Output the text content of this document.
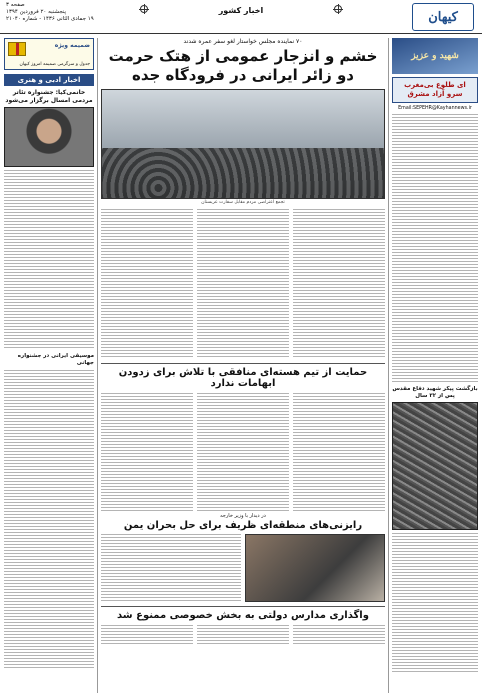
کیهان
اخبار کشور
صفحه ۳
پنجشنبه ۲۰ فروردین ۱۳۹۴
۱۹ جمادی الثانی ۱۴۳۶ - شماره ۲۱۰۴۰
شهید و عزیز
ای طلوع بی‌مغرب سرو آزاد مشرق
Email:SEPEHR@Kayhannews.ir
بازگشت پیکر شهید دفاع مقدس پس از ۳۲ سال
ضمیمه ویژه
جدول و سرگرمی ضمیمه امروز کیهان
اخبار ادبی و هنری
خانمی‌کیا: جشنواره تئاتر مردمی امسال برگزار می‌شود
موسیقی ایرانی در جشنواره جهانی
۷۰ نماینده مجلس خواستار لغو سفر عمره شدند
خشم و انزجار عمومی از هتک حرمت دو زائر ایرانی در فرودگاه جده
تجمع اعتراضی مردم مقابل سفارت عربستان
حمایت از تیم هسته‌ای منافقی با تلاش برای زدودن ابهامات ندارد
در دیدار با وزیر خارجه
رایزنی‌های منطقه‌ای ظریف برای حل بحران یمن
واگذاری مدارس دولتی به بخش خصوصی ممنوع شد
